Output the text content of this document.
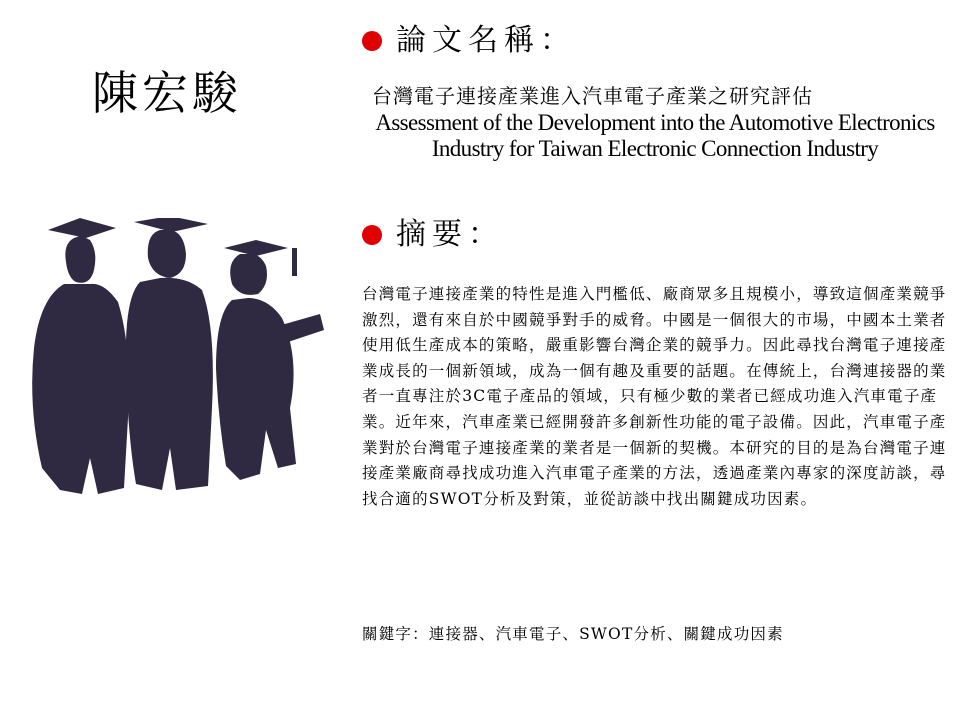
陳宏駿
論文名稱：
台灣電子連接產業進入汽車電子產業之研究評估
Assessment of the Development into the Automotive Electronics Industry for Taiwan Electronic Connection Industry
摘要：
台灣電子連接產業的特性是進入門檻低、廠商眾多且規模小，導致這個產業競爭激烈，還有來自於中國競爭對手的威脅。中國是一個很大的市場，中國本土業者使用低生產成本的策略，嚴重影響台灣企業的競爭力。因此尋找台灣電子連接產業成長的一個新領域，成為一個有趣及重要的話題。在傳統上，台灣連接器的業者一直專注於3C電子產品的領域，只有極少數的業者已經成功進入汽車電子產業。近年來，汽車產業已經開發許多創新性功能的電子設備。因此，汽車電子產業對於台灣電子連接產業的業者是一個新的契機。本研究的目的是為台灣電子連接產業廠商尋找成功進入汽車電子產業的方法，透過產業內專家的深度訪談，尋找合適的SWOT分析及對策，並從訪談中找出關鍵成功因素。
關鍵字：連接器、汽車電子、SWOT分析、關鍵成功因素
